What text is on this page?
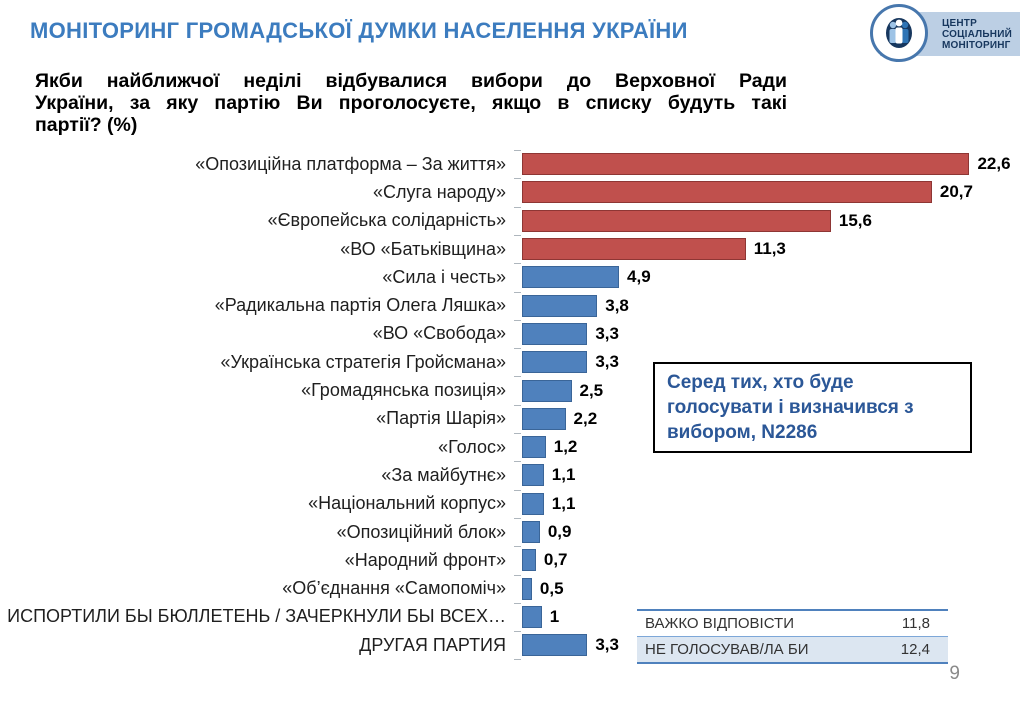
МОНІТОРИНГ ГРОМАДСЬКОЇ ДУМКИ НАСЕЛЕННЯ УКРАЇНИ	ЦЕНТР
СОЦІАЛЬНИЙ
МОНІТОРИНГ
Якби найближчої неділі відбувалися вибори до Верховної Ради
України, за яку партію Ви проголосуєте, якщо в списку будуть такі
партії? (%)
«Опозиційна платформа – За життя»	22,6
«Слуга народу»	20,7
«Європейська солідарність»	15,6
«ВО «Батьківщина»	11,3
«Сила і честь»	4,9
«Радикальна партія Олега Ляшка»	3,8
«ВО «Свобода»	3,3
«Українська стратегія Гройсмана»	3,3
«Громадянська позиція»	2,5
«Партія Шарія»	2,2
«Голос»	1,2
«За майбутнє»	1,1
«Національний корпус»	1,1
«Опозиційний блок»	0,9
«Народний фронт»	0,7
«Об’єднання «Самопоміч»	0,5
ИСПОРТИЛИ БЫ БЮЛЛЕТЕНЬ / ЗАЧЕРКНУЛИ БЫ ВСЕХ…	1
ДРУГАЯ ПАРТИЯ	3,3
Серед тих, хто буде голосувати і визначився з вибором, N2286
ВАЖКО ВІДПОВІСТИ	11,8
НЕ ГОЛОСУВАВ/ЛА БИ	12,4
9
